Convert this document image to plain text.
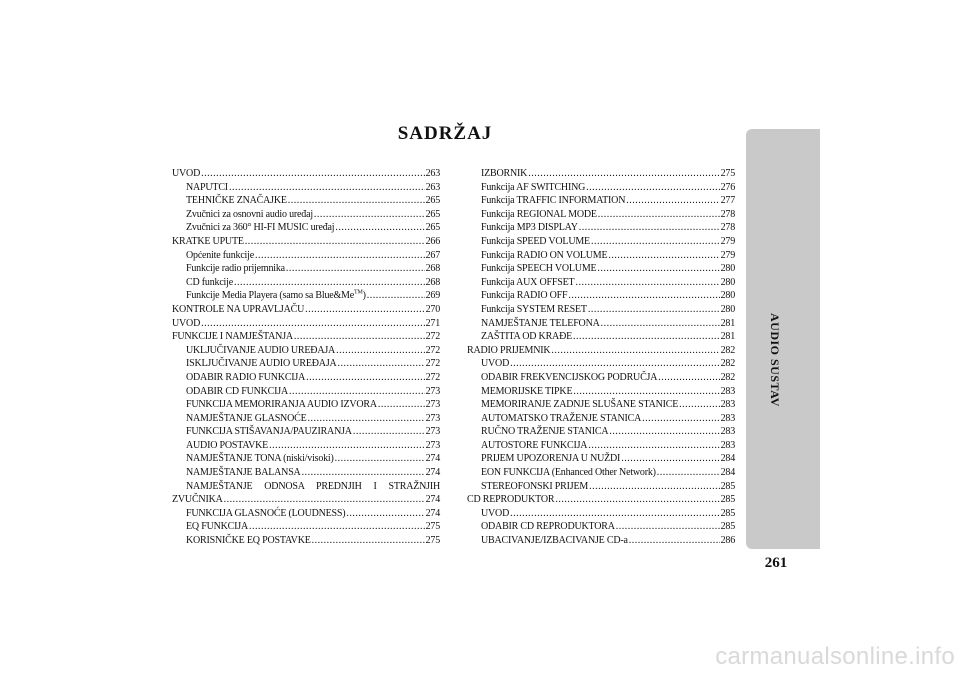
SADRŽAJ
UVOD .....	263
NAPUTCI .....	263
TEHNIČKE ZNAČAJKE .....	265
Zvučnici za osnovni audio uređaj .....	265
Zvučnici za 360° HI-FI MUSIC uređaj .....	265
KRATKE UPUTE .....	266
Općenite funkcije .....	267
Funkcije radio prijemnika .....	268
CD funkcije .....	268
Funkcije Media Playera (samo sa Blue&Me™) .....	269
KONTROLE NA UPRAVLJAČU .....	270
UVOD .....	271
FUNKCIJE I NAMJEŠTANJA .....	272
UKLJUČIVANJE AUDIO UREĐAJA .....	272
ISKLJUČIVANJE AUDIO UREĐAJA .....	272
ODABIR RADIO FUNKCIJA .....	272
ODABIR CD FUNKCIJA .....	273
FUNKCIJA MEMORIRANJA AUDIO IZVORA .....	273
NAMJEŠTANJE GLASNOĆE .....	273
FUNKCIJA STIŠAVANJA/PAUZIRANJA .....	273
AUDIO POSTAVKE .....	273
NAMJEŠTANJE TONA (niski/visoki) .....	274
NAMJEŠTANJE BALANSA .....	274
NAMJEŠTANJE ODNOSA PREDNJIH I STRAŽNJIH
ZVUČNIKA .....	274
FUNKCIJA GLASNOĆE (LOUDNESS) .....	274
EQ FUNKCIJA .....	275
KORISNIČKE EQ POSTAVKE .....	275
IZBORNIK .....	275
Funkcija AF SWITCHING .....	276
Funkcija TRAFFIC INFORMATION .....	277
Funkcija REGIONAL MODE .....	278
Funkcija MP3 DISPLAY .....	278
Funkcija SPEED VOLUME .....	279
Funkcija RADIO ON VOLUME .....	279
Funkcija SPEECH VOLUME .....	280
Funkcija AUX OFFSET .....	280
Funkcija RADIO OFF .....	280
Funkcija SYSTEM RESET .....	280
NAMJEŠTANJE TELEFONA .....	281
ZAŠTITA OD KRAĐE .....	281
RADIO PRIJEMNIK .....	282
UVOD .....	282
ODABIR FREKVENCIJSKOG PODRUČJA .....	282
MEMORIJSKE TIPKE .....	283
MEMORIRANJE ZADNJE SLUŠANE STANICE .....	283
AUTOMATSKO TRAŽENJE STANICA .....	283
RUČNO TRAŽENJE STANICA .....	283
AUTOSTORE FUNKCIJA .....	283
PRIJEM UPOZORENJA U NUŽDI .....	284
EON FUNKCIJA (Enhanced Other Network) .....	284
STEREOFONSKI PRIJEM .....	285
CD REPRODUKTOR .....	285
UVOD .....	285
ODABIR CD REPRODUKTORA .....	285
UBACIVANJE/IZBACIVANJE CD-a .....	286
AUDIO SUSTAV
261
carmanualsonline.info
